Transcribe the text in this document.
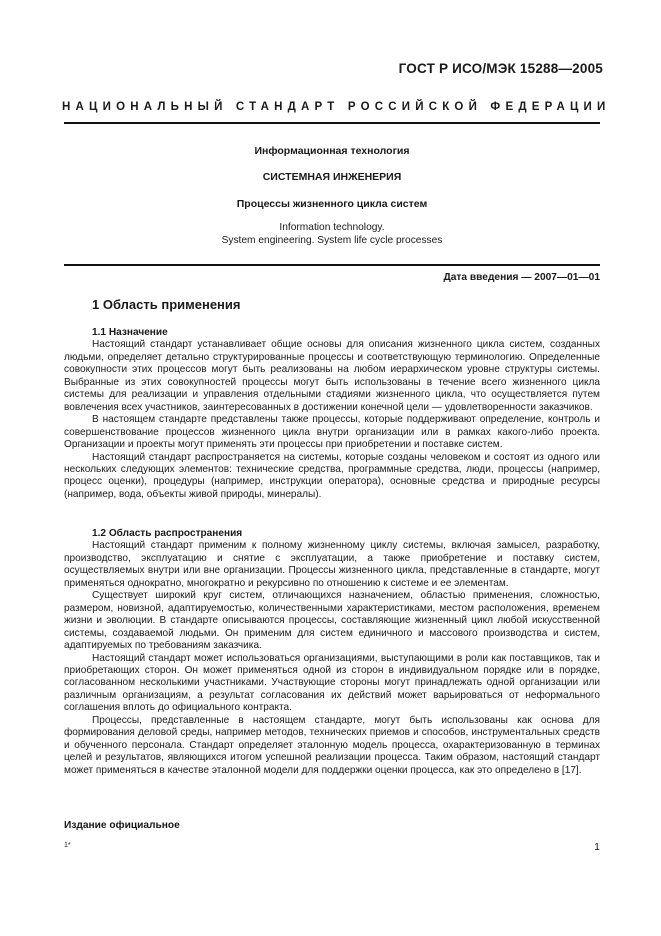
ГОСТ Р ИСО/МЭК 15288—2005
НАЦИОНАЛЬНЫЙ СТАНДАРТ РОССИЙСКОЙ ФЕДЕРАЦИИ
Информационная технология
СИСТЕМНАЯ ИНЖЕНЕРИЯ
Процессы жизненного цикла систем
Information technology.
System engineering. System life cycle processes
Дата введения — 2007—01—01
1 Область применения

1.1 Назначение

Настоящий стандарт устанавливает общие основы для описания жизненного цикла систем, созданных людьми, определяет детально структурированные процессы и соответствующую терминологию. Определенные совокупности этих процессов могут быть реализованы на любом иерархическом уровне структуры системы. Выбранные из этих совокупностей процессы могут быть использованы в течение всего жизненного цикла системы для реализации и управления отдельными стадиями жизненного цикла, что осуществляется путем вовлечения всех участников, заинтересованных в достижении конечной цели — удовлетворенности заказчиков.

В настоящем стандарте представлены также процессы, которые поддерживают определение, контроль и совершенствование процессов жизненного цикла внутри организации или в рамках какого-либо проекта. Организации и проекты могут применять эти процессы при приобретении и поставке систем.

Настоящий стандарт распространяется на системы, которые созданы человеком и состоят из одного или нескольких следующих элементов: технические средства, программные средства, люди, процессы (например, процесс оценки), процедуры (например, инструкции оператора), основные средства и природные ресурсы (например, вода, объекты живой природы, минералы).

1.2 Область распространения

Настоящий стандарт применим к полному жизненному циклу системы, включая замысел, разработку, производство, эксплуатацию и снятие с эксплуатации, а также приобретение и поставку систем, осуществляемых внутри или вне организации. Процессы жизненного цикла, представленные в стандарте, могут применяться однократно, многократно и рекурсивно по отношению к системе и ее элементам.

Существует широкий круг систем, отличающихся назначением, областью применения, сложностью, размером, новизной, адаптируемостью, количественными характеристиками, местом расположения, временем жизни и эволюции. В стандарте описываются процессы, составляющие жизненный цикл любой искусственной системы, создаваемой людьми. Он применим для систем единичного и массового производства и систем, адаптируемых по требованиям заказчика.

Настоящий стандарт может использоваться организациями, выступающими в роли как поставщиков, так и приобретающих сторон. Он может применяться одной из сторон в индивидуальном порядке или в порядке, согласованном несколькими участниками. Участвующие стороны могут принадлежать одной организации или различным организациям, а результат согласования их действий может варьироваться от неформального соглашения вплоть до официального контракта.

Процессы, представленные в настоящем стандарте, могут быть использованы как основа для формирования деловой среды, например методов, технических приемов и способов, инструментальных средств и обученного персонала. Стандарт определяет эталонную модель процесса, охарактеризованную в терминах целей и результатов, являющихся итогом успешной реализации процесса. Таким образом, настоящий стандарт может применяться в качестве эталонной модели для поддержки оценки процесса, как это определено в [17].

Издание официальное
1*	1
